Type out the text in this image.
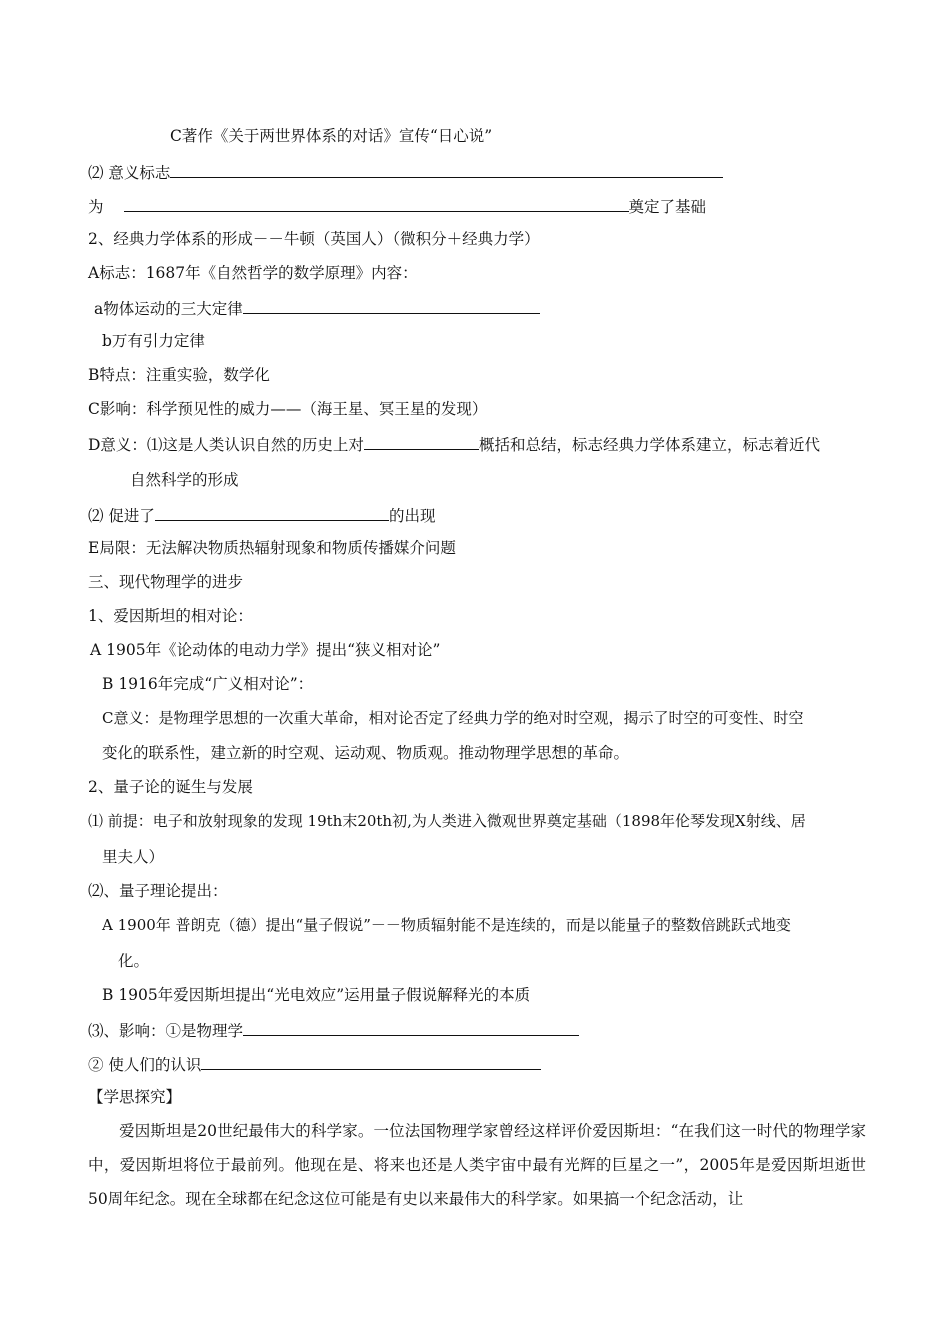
C著作《关于两世界体系的对话》宣传“日心说”
⑵ 意义标志
为	奠定了基础
2、经典力学体系的形成－－牛顿（英国人）（微积分＋经典力学）
A标志：1687年《自然哲学的数学原理》内容：
a物体运动的三大定律
b万有引力定律
B特点：注重实验，数学化
C影响：科学预见性的威力——（海王星、冥王星的发现）
D意义：⑴这是人类认识自然的历史上对	概括和总结，标志经典力学体系建立，标志着近代
自然科学的形成
⑵ 促进了	的出现
E局限：无法解决物质热辐射现象和物质传播媒介问题
三、现代物理学的进步
1、爱因斯坦的相对论：
A 1905年《论动体的电动力学》提出“狭义相对论”
B 1916年完成“广义相对论”：
C意义：是物理学思想的一次重大革命，相对论否定了经典力学的绝对时空观，揭示了时空的可变性、时空
变化的联系性，建立新的时空观、运动观、物质观。推动物理学思想的革命。
2、量子论的诞生与发展
⑴ 前提：电子和放射现象的发现 19th末20th初,为人类进入微观世界奠定基础（1898年伦琴发现X射线、居
里夫人）
⑵、量子理论提出：
A 1900年 普朗克（德）提出“量子假说”－－物质辐射能不是连续的，而是以能量子的整数倍跳跃式地变
化。
B 1905年爱因斯坦提出“光电效应”运用量子假说解释光的本质
⑶、影响：①是物理学
② 使人们的认识
【学思探究】
爱因斯坦是20世纪最伟大的科学家。一位法国物理学家曾经这样评价爱因斯坦：“在我们这一时代的物理学家中，爱因斯坦将位于最前列。他现在是、将来也还是人类宇宙中最有光辉的巨星之一”，2005年是爱因斯坦逝世50周年纪念。现在全球都在纪念这位可能是有史以来最伟大的科学家。如果搞一个纪念活动，让
